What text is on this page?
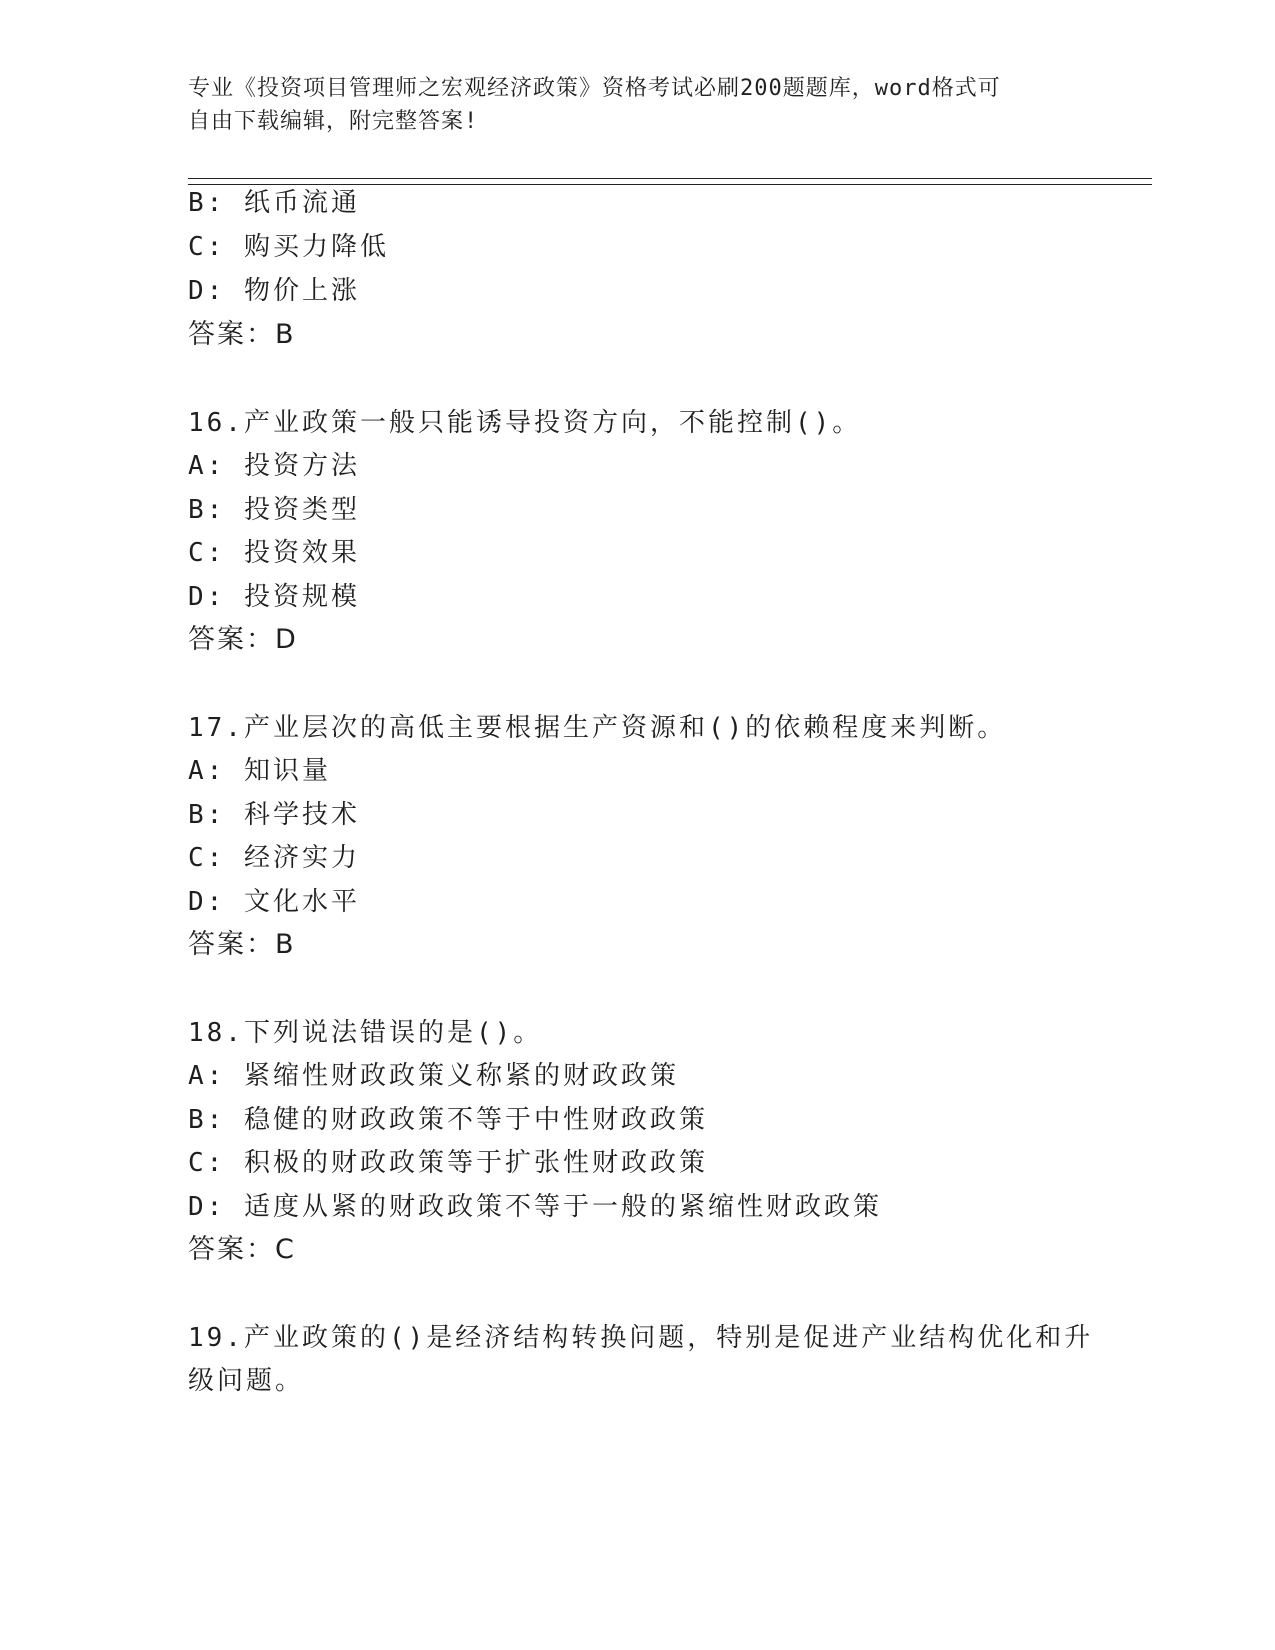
专业《投资项目管理师之宏观经济政策》资格考试必刷200题题库，word格式可
自由下载编辑，附完整答案!
B: 纸币流通
C: 购买力降低
D: 物价上涨
答案：B
16.产业政策一般只能诱导投资方向，不能控制()。
A: 投资方法
B: 投资类型
C: 投资效果
D: 投资规模
答案：D
17.产业层次的高低主要根据生产资源和()的依赖程度来判断。
A: 知识量
B: 科学技术
C: 经济实力
D: 文化水平
答案：B
18.下列说法错误的是()。
A: 紧缩性财政政策义称紧的财政政策
B: 稳健的财政政策不等于中性财政政策
C: 积极的财政政策等于扩张性财政政策
D: 适度从紧的财政政策不等于一般的紧缩性财政政策
答案：C
19.产业政策的()是经济结构转换问题，特别是促进产业结构优化和升
级问题。
